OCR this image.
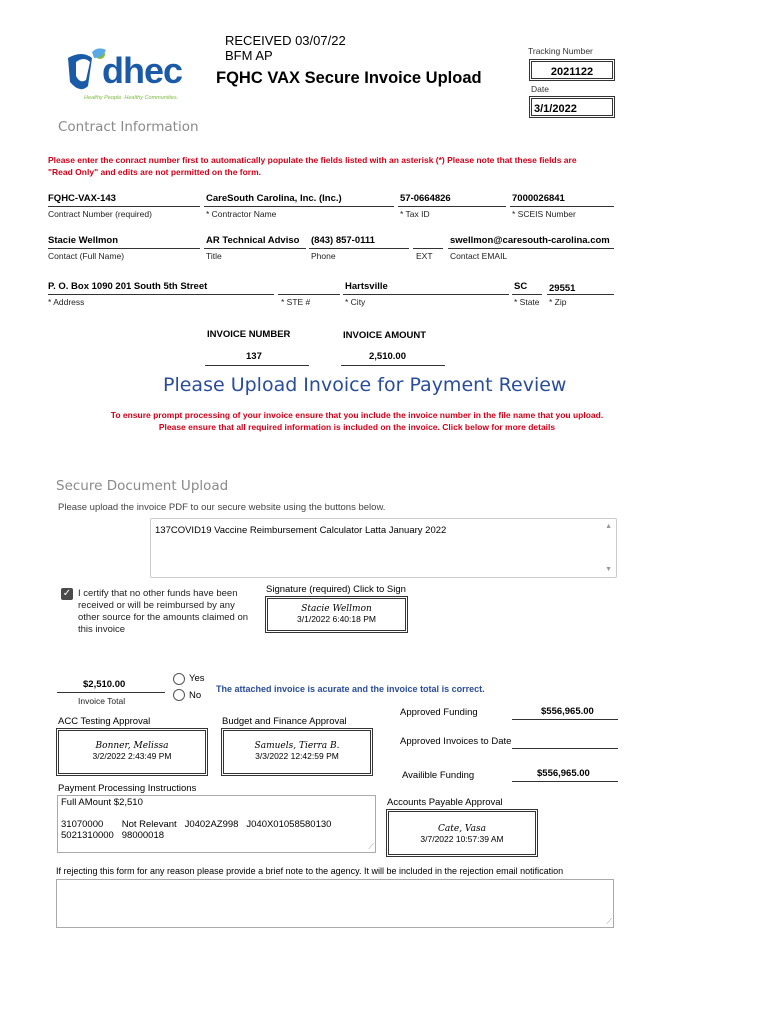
RECEIVED 03/07/22
BFM AP
dhec
Healthy People. Healthy Communities.
FQHC VAX Secure Invoice Upload
Tracking Number
2021122
Date
3/1/2022
Contract Information
Please enter the conract number first to automatically populate the fields listed with an asterisk (*) Please note that these fields are "Read Only" and edits are not permitted on the form.
FQHC-VAX-143
Contract Number (required)
CareSouth Carolina, Inc. (Inc.)
* Contractor Name
57-0664826
* Tax ID
7000026841
* SCEIS Number
Stacie Wellmon
Contact (Full Name)
AR Technical Adviso
Title
(843) 857-0111
Phone	EXT
swellmon@caresouth-carolina.com
Contact EMAIL
P. O. Box 1090 201 South 5th Street
* Address	* STE #
Hartsville
* City
SC
* State
29551
* Zip
INVOICE NUMBER
137
INVOICE AMOUNT
2,510.00
Please Upload Invoice for Payment Review
To ensure prompt processing of your invoice ensure that you include the invoice number in the file name that you upload.
Please ensure that all required information is included on the invoice. Click below for more details
Secure Document Upload
Please upload the invoice PDF to our secure website using the buttons below.
137COVID19 Vaccine Reimbursement Calculator Latta January 2022	▲
▼
✓ I certify that no other funds have been received or will be reimbursed by any other source for the amounts claimed on this invoice
Signature (required) Click to Sign
Stacie Wellmon
3/1/2022 6:40:18 PM
$2,510.00
Invoice Total
Yes
No
The attached invoice is acurate and the invoice total is correct.
ACC Testing Approval
Bonner, Melissa
3/2/2022 2:43:49 PM
Budget and Finance Approval
Samuels, Tierra B.
3/3/2022 12:42:59 PM
Approved Funding	$556,965.00
Approved Invoices to Date
Availible Funding	$556,965.00
Accounts Payable Approval
Cate, Vasa
3/7/2022 10:57:39 AM
Payment Processing Instructions
Full AMount $2,510
31070000       Not Relevant   J0402AZ998   J040X01058580130
5021310000   98000018
⟋
If rejecting this form for any reason please provide a brief note to the agency. It will be included in the rejection email notification
⟋
